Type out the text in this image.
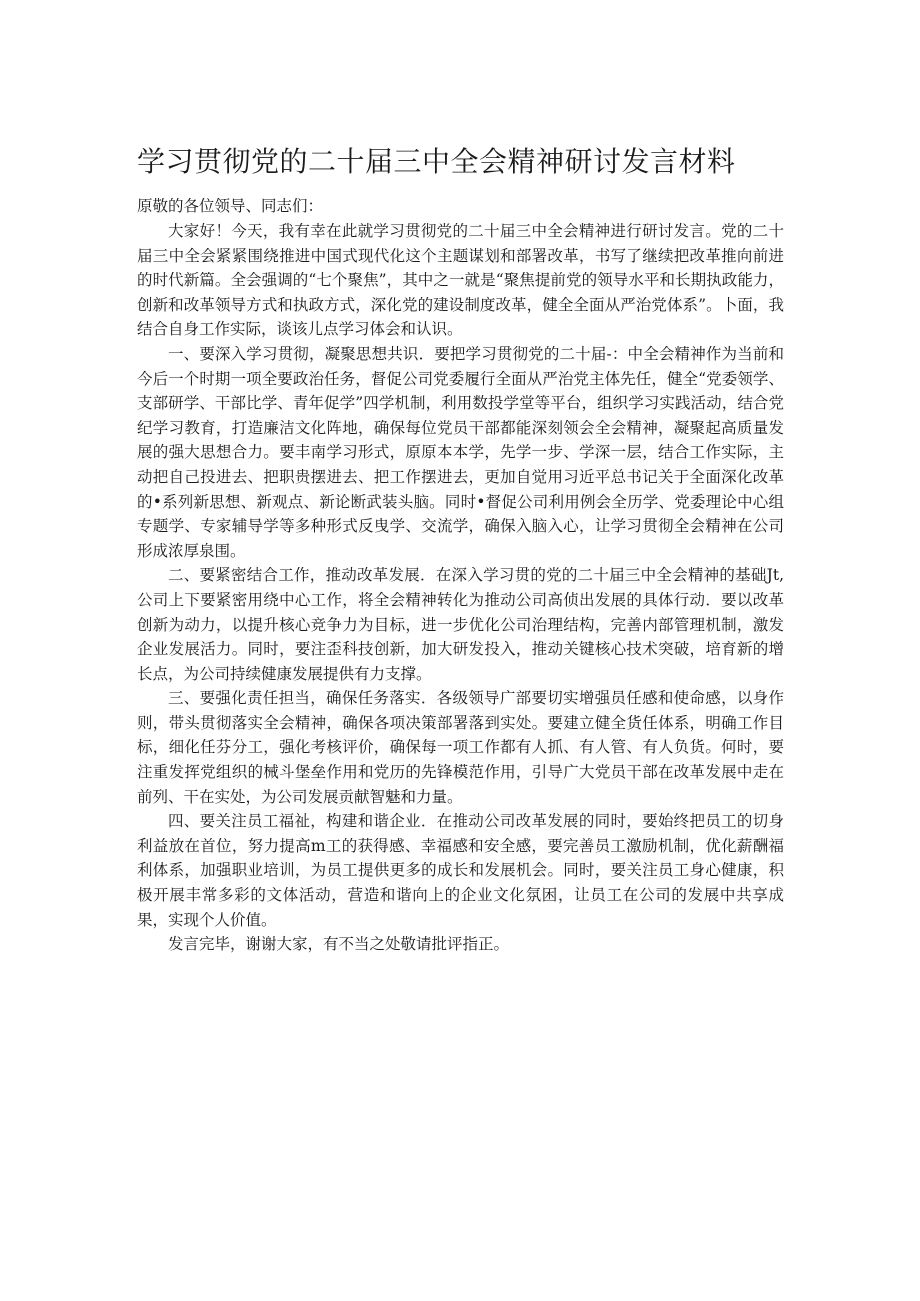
学习贯彻党的二十届三中全会精神研讨发言材料

原敬的各位领导、同志们：

大家好！今天，我有幸在此就学习贯彻党的二十届三中全会精神进行研讨发言。党的二十届三中全会紧紧围绕推进中国式现代化这个主题谋划和部署改革，书写了继续把改革推向前进的时代新篇。全会强调的“七个聚焦”，其中之一就是“聚焦提前党的领导水平和长期执政能力，创新和改革领导方式和执政方式，深化党的建设制度改革，健全全面从严治党体系”。卜面，我结合自身工作实际，谈该儿点学习体会和认识。

一、要深入学习贯彻，凝聚思想共识．要把学习贯彻党的二十届-：中全会精神作为当前和今后一个时期一项全要政治任务，督促公司党委履行全面从严治党主体先任，健全“党委领学、支部研学、干部比学、青年促学”四学机制，利用数投学堂等平台，组织学习实践活动，结合党纪学习教育，打造廉洁文化阵地，确保每位党员干部都能深刻领会全会精神，凝聚起高质量发展的强大思想合力。要丰南学习形式，原原本本学，先学一步、学深一层，结合工作实际，主动把自己投进去、把职贵摆进去、把工作摆进去，更加自觉用习近平总书记关于全面深化改革的•系列新思想、新观点、新论断武装头脑。同时•督促公司利用例会全历学、党委理论中心组专题学、专家辅导学等多种形式反曳学、交流学，确保入脑入心，让学习贯彻全会精神在公司形成浓厚泉围。

二、要紧密结合工作，推动改革发展．在深入学习贯的党的二十届三中全会精神的基础Jt,公司上下要紧密用绕中心工作，将全会精神转化为推动公司高侦出发展的具体行动．要以改革创新为动力，以提升核心竞争力为目标，进一步优化公司治理结构，完善内部管理机制，激发企业发展活力。同时，要注歪科技创新，加大研发投入，推动关键核心技术突破，培育新的增长点，为公司持续健康发展提供有力支撑。

三、要强化责任担当，确保任务落实．各级领导广部要切实增强员任感和使命感，以身作则，带头贯彻落实全会精神，确保各项决策部署落到实处。要建立健全货任体系，明确工作目标，细化任芬分工，强化考核评价，确保每一项工作都有人抓、有人管、有人负货。何时，要注重发挥党组织的械斗堡垒作用和党历的先锋模范作用，引导广大党员干部在改革发展中走在前列、干在实处，为公司发展贡献智魅和力量。

四、要关注员工福祉，构建和谐企业．在推动公司改革发展的同时，要始终把员工的切身利益放在首位，努力提高m工的获得感、幸福感和安全感，要完善员工激励机制，优化薪酬福利体系，加强职业培训，为员工提供更多的成长和发展机会。同时，要关注员工身心健康，积极开展丰常多彩的文体活动，营造和谐向上的企业文化氛困，让员工在公司的发展中共享成果，实现个人价值。

发言完毕，谢谢大家，有不当之处敬请批评指正。
